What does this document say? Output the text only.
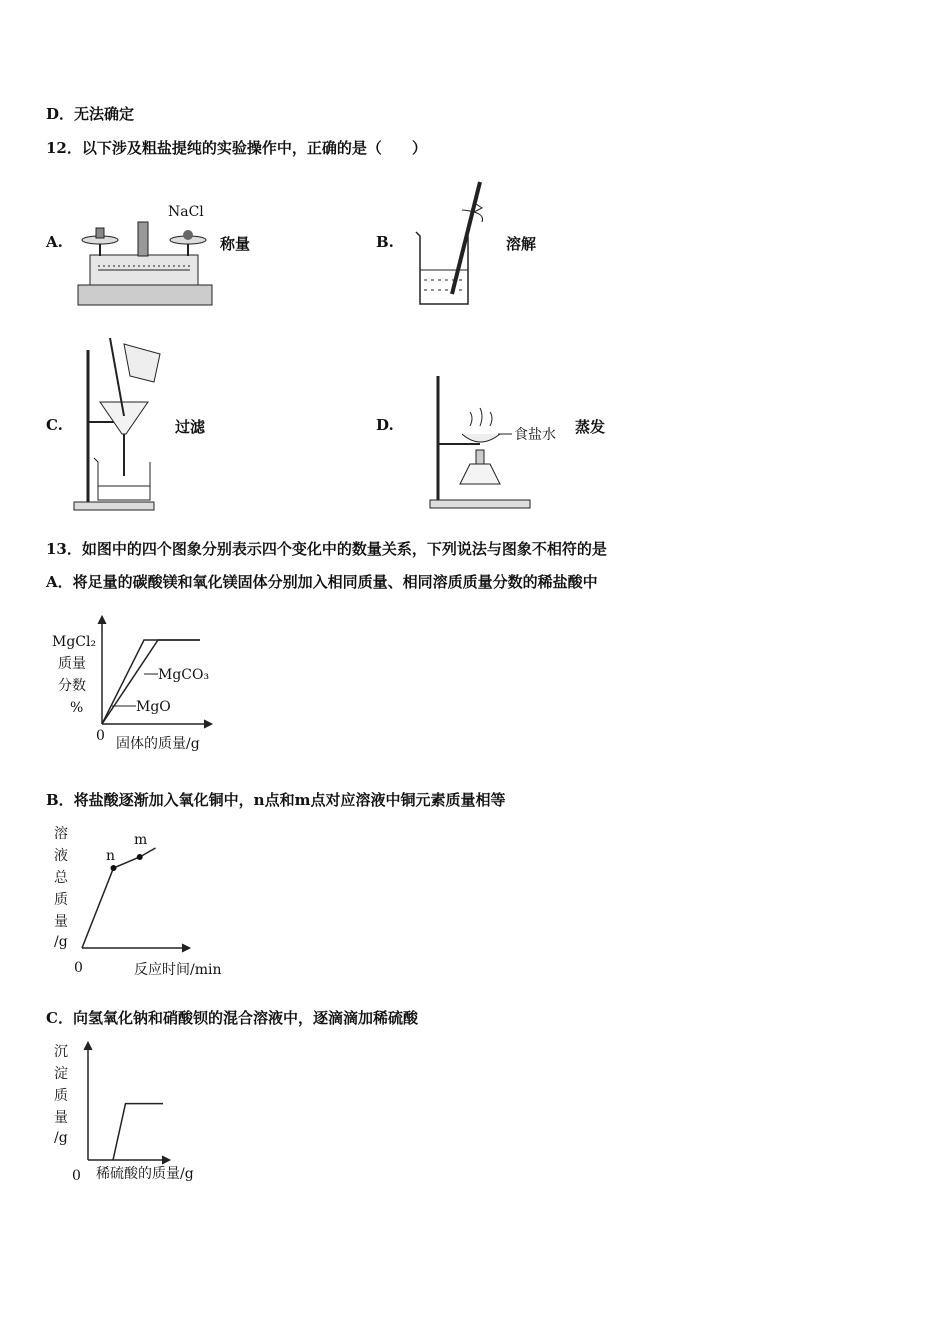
D．无法确定
12．以下涉及粗盐提纯的实验操作中，正确的是（　　）
A.
NaCl
称量	B.	溶解
C.	过滤	D.
食盐水 蒸发
13．如图中的四个图象分别表示四个变化中的数量关系，下列说法与图象不相符的是
A．将足量的碳酸镁和氧化镁固体分别加入相同质量、相同溶质质量分数的稀盐酸中
MgCl₂
质量
分数
%
0 固体的质量/g
MgCO₃
MgO
B．将盐酸逐渐加入氧化铜中，n点和m点对应溶液中铜元素质量相等
溶
液
总
质
量
/g
0	反应时间/min
n
m
C．向氢氧化钠和硝酸钡的混合溶液中，逐滴滴加稀硫酸
沉
淀
质
量
/g
0 稀硫酸的质量/g
